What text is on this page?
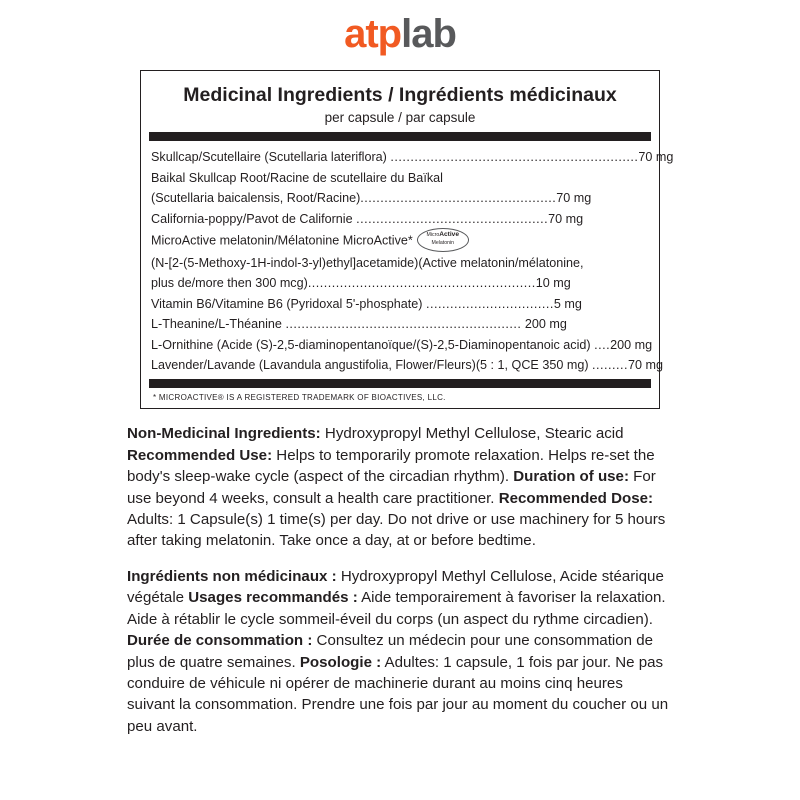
atplab
Medicinal Ingredients / Ingrédients médicinaux
per capsule / par capsule
Skullcap/Scutellaire (Scutellaria lateriflora) ..............................................................70 mg
Baikal Skullcap Root/Racine de scutellaire du Baïkal
(Scutellaria baicalensis, Root/Racine).................................................70 mg
California-poppy/Pavot de Californie ................................................70 mg
MicroActive melatonin/Mélatonine MicroActive*	MicroActive
Melatonin
(N-[2-(5-Methoxy-1H-indol-3-yl)ethyl]acetamide)(Active melatonin/mélatonine,
plus de/more then 300 mcg).........................................................10 mg
Vitamin B6/Vitamine B6 (Pyridoxal 5'-phosphate) ................................5 mg
L-Theanine/L-Théanine ........................................................... 200 mg
L-Ornithine (Acide (S)-2,5-diaminopentanoïque/(S)-2,5-Diaminopentanoic acid) ....200 mg
Lavender/Lavande (Lavandula angustifolia, Flower/Fleurs)(5 : 1, QCE 350 mg) .........70 mg
* MICROACTIVE® IS A REGISTERED TRADEMARK OF BIOACTIVES, LLC.

Non-Medicinal Ingredients: Hydroxypropyl Methyl Cellulose, Stearic acid Recommended Use: Helps to temporarily promote relaxation. Helps re-set the body's sleep-wake cycle (aspect of the circadian rhythm). Duration of use: For use beyond 4 weeks, consult a health care practitioner. Recommended Dose: Adults: 1 Capsule(s) 1 time(s) per day. Do not drive or use machinery for 5 hours after taking melatonin. Take once a day, at or before bedtime.

Ingrédients non médicinaux : Hydroxypropyl Methyl Cellulose, Acide stéarique végétale Usages recommandés : Aide temporairement à favoriser la relaxation. Aide à rétablir le cycle sommeil-éveil du corps (un aspect du rythme circadien). Durée de consommation : Consultez un médecin pour une consommation de plus de quatre semaines. Posologie : Adultes: 1 capsule, 1 fois par jour. Ne pas conduire de véhicule ni opérer de machinerie durant au moins cinq heures suivant la consommation. Prendre une fois par jour au moment du coucher ou un peu avant.
